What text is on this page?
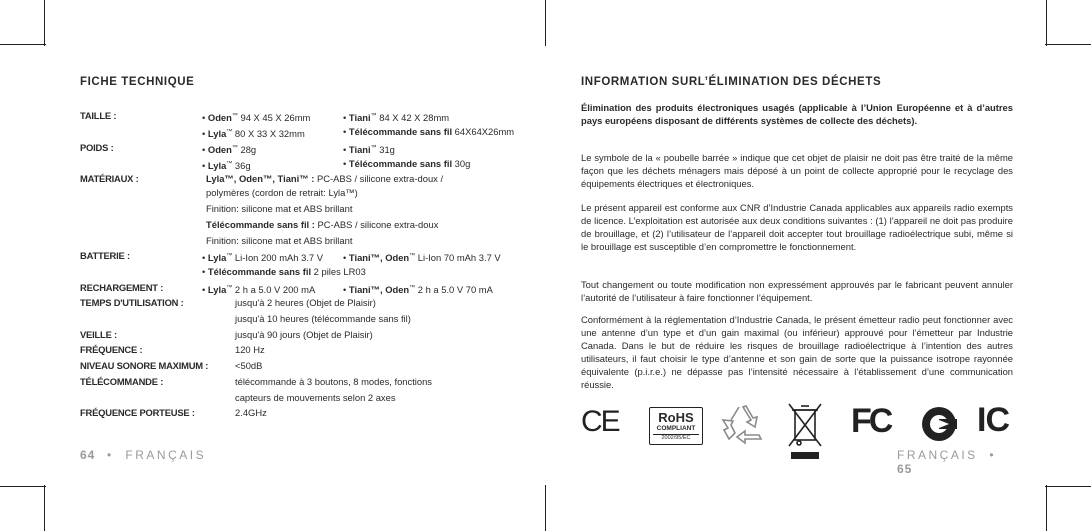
FICHE TECHNIQUE
TAILLE :	• Oden™ 94 X 45 X 26mm	• Tiani™ 84 X 42 X 28mm
• Lyla™ 80 X 33 X 32mm	• Télécommande sans fil 64X64X26mm
POIDS :	• Oden™ 28g	• Tiani™ 31g
• Lyla™ 36g	• Télécommande sans fil 30g
MATÉRIAUX :	Lyla™, Oden™, Tiani™ : PC-ABS / silicone extra-doux /
polymères (cordon de retrait: Lyla™)
Finition: silicone mat et ABS brillant
Télécommande sans fil : PC-ABS / silicone extra-doux
Finition: silicone mat et ABS brillant
BATTERIE :	• Lyla™ Li-Ion 200 mAh 3.7 V • Tiani™, Oden™ Li-Ion 70 mAh 3.7 V
• Télécommande sans fil 2 piles LR03
RECHARGEMENT :	• Lyla™ 2 h a 5.0 V 200 mA	• Tiani™, Oden™ 2 h a 5.0 V 70 mA
TEMPS D'UTILISATION :	jusqu'à 2 heures (Objet de Plaisir)
jusqu'à 10 heures (télécommande sans fil)
VEILLE :	jusqu'à 90 jours (Objet de Plaisir)
FRÉQUENCE :	120 Hz
NIVEAU SONORE MAXIMUM :	<50dB
TÉLÉCOMMANDE :	télécommande à 3 boutons, 8 modes, fonctions
capteurs de mouvements selon 2 axes
FRÉQUENCE PORTEUSE :	2.4GHz
64 • FRANÇAIS
INFORMATION SURL’ÉLIMINATION DES DÉCHETS
Élimination des produits électroniques usagés (applicable à l’Union Européenne et à d’autres pays européens disposant de différents systèmes de collecte des déchets).
Le symbole de la « poubelle barrée » indique que cet objet de plaisir ne doit pas être traité de la même façon que les déchets ménagers mais déposé à un point de collecte approprié pour le recyclage des équipements électriques et électroniques.
Le présent appareil est conforme aux CNR d’Industrie Canada applicables aux appareils radio exempts de licence. L’exploitation est autorisée aux deux conditions suivantes : (1) l’appareil ne doit pas produire de brouillage, et (2) l’utilisateur de l’appareil doit accepter tout brouillage radioélectrique subi, même si le brouillage est susceptible d’en compromettre le fonctionnement.
Tout changement ou toute modification non expressément approuvés par le fabricant peuvent annuler l’autorité de l’utilisateur à faire fonctionner l’équipement.
Conformément à la réglementation d’Industrie Canada, le présent émetteur radio peut fonctionner avec une antenne d’un type et d’un gain maximal (ou inférieur) approuvé pour l’émetteur par Industrie Canada. Dans le but de réduire les risques de brouillage radioélectrique à l’intention des autres utilisateurs, il faut choisir le type d’antenne et son gain de sorte que la puissance isotrope rayonnée équivalente (p.i.r.e.) ne dépasse pas l’intensité nécessaire à l’établissement d’une communication réussie.
CE	RoHS
COMPLIANT
2002/95/EC	FC	IC
FRANÇAIS •  65
